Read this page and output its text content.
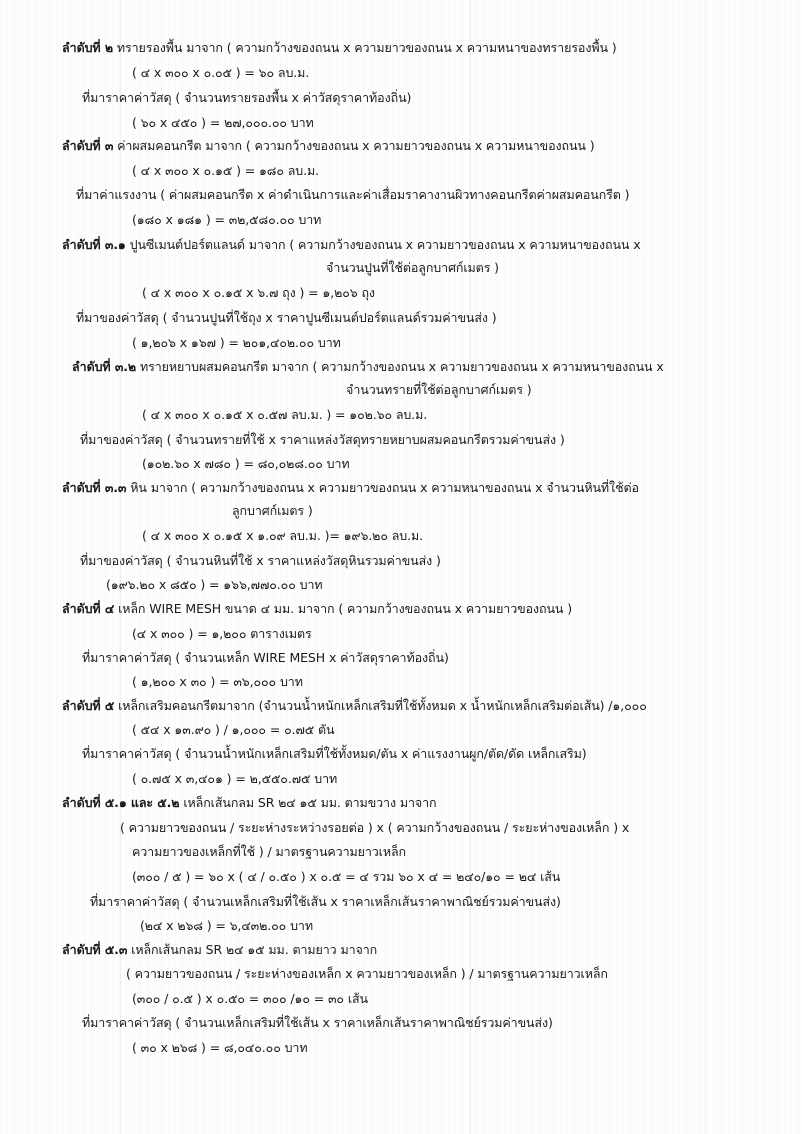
ลำดับที่ ๒ ทรายรองพื้น มาจาก ( ความกว้างของถนน x ความยาวของถนน x ความหนาของทรายรองพื้น )
( ๔ x ๓๐๐ x ๐.๐๕ ) = ๖๐ ลบ.ม.
ที่มาราคาค่าวัสดุ ( จำนวนทรายรองพื้น x ค่าวัสดุราคาท้องถิ่น)
( ๖๐ x ๔๕๐ ) = ๒๗,๐๐๐.๐๐ บาท
ลำดับที่ ๓ ค่าผสมคอนกรีต มาจาก ( ความกว้างของถนน x ความยาวของถนน x ความหนาของถนน )
( ๔ x ๓๐๐ x ๐.๑๕ ) = ๑๘๐ ลบ.ม.
ที่มาค่าแรงงาน ( ค่าผสมคอนกรีต x ค่าดำเนินการและค่าเสื่อมราคางานผิวทางคอนกรีตค่าผสมคอนกรีต )
(๑๘๐ x ๑๘๑ ) = ๓๒,๕๘๐.๐๐ บาท
ลำดับที่ ๓.๑ ปูนซีเมนต์ปอร์ตแลนด์ มาจาก ( ความกว้างของถนน x ความยาวของถนน x ความหนาของถนน x
จำนวนปูนที่ใช้ต่อลูกบาศก์เมตร )
( ๔ x ๓๐๐ x ๐.๑๕ x ๖.๗ ถุง ) = ๑,๒๐๖ ถุง
ที่มาของค่าวัสดุ ( จำนวนปูนที่ใช้ถุง x ราคาปูนซีเมนต์ปอร์ตแลนด์รวมค่าขนส่ง )
( ๑,๒๐๖ x ๑๖๗ ) = ๒๐๑,๔๐๒.๐๐ บาท
ลำดับที่ ๓.๒ ทรายหยาบผสมคอนกรีต มาจาก ( ความกว้างของถนน x ความยาวของถนน x ความหนาของถนน x
จำนวนทรายที่ใช้ต่อลูกบาศก์เมตร )
( ๔ x ๓๐๐ x ๐.๑๕ x ๐.๕๗ ลบ.ม. ) = ๑๐๒.๖๐ ลบ.ม.
ที่มาของค่าวัสดุ ( จำนวนทรายที่ใช้ x ราคาแหล่งวัสดุทรายหยาบผสมคอนกรีตรวมค่าขนส่ง )
(๑๐๒.๖๐ x ๗๘๐ ) = ๘๐,๐๒๘.๐๐ บาท
ลำดับที่ ๓.๓ หิน มาจาก ( ความกว้างของถนน x ความยาวของถนน x ความหนาของถนน x จำนวนหินที่ใช้ต่อ
ลูกบาศก์เมตร )
( ๔ x ๓๐๐ x ๐.๑๕ x ๑.๐๙ ลบ.ม. )= ๑๙๖.๒๐ ลบ.ม.
ที่มาของค่าวัสดุ ( จำนวนหินที่ใช้ x ราคาแหล่งวัสดุหินรวมค่าขนส่ง )
(๑๙๖.๒๐ x ๘๕๐ ) = ๑๖๖,๗๗๐.๐๐ บาท
ลำดับที่ ๔ เหล็ก WIRE MESH ขนาด ๔ มม. มาจาก ( ความกว้างของถนน x ความยาวของถนน )
(๔ x ๓๐๐ ) = ๑,๒๐๐ ตารางเมตร
ที่มาราคาค่าวัสดุ ( จำนวนเหล็ก WIRE MESH x ค่าวัสดุราคาท้องถิ่น)
( ๑,๒๐๐ x ๓๐ ) = ๓๖,๐๐๐ บาท
ลำดับที่ ๕ เหล็กเสริมคอนกรีตมาจาก (จำนวนน้ำหนักเหล็กเสริมที่ใช้ทั้งหมด x น้ำหนักเหล็กเสริมต่อเส้น) /๑,๐๐๐
( ๕๔ x ๑๓.๙๐ ) / ๑,๐๐๐ = ๐.๗๕ ตัน
ที่มาราคาค่าวัสดุ ( จำนวนน้ำหนักเหล็กเสริมที่ใช้ทั้งหมด/ตัน x ค่าแรงงานผูก/ตัด/ดัด เหล็กเสริม)
( ๐.๗๕ x ๓,๔๐๑ ) = ๒,๕๕๐.๗๕ บาท
ลำดับที่ ๕.๑ และ ๕.๒ เหล็กเส้นกลม SR ๒๔ ๑๕ มม. ตามขวาง มาจาก
( ความยาวของถนน / ระยะห่างระหว่างรอยต่อ ) x ( ความกว้างของถนน / ระยะห่างของเหล็ก ) x
ความยาวของเหล็กที่ใช้ ) / มาตรฐานความยาวเหล็ก
(๓๐๐ / ๕ ) = ๖๐ x ( ๔ / ๐.๕๐ ) x ๐.๕ = ๔ รวม ๖๐ x ๔ = ๒๔๐/๑๐ = ๒๔ เส้น
ที่มาราคาค่าวัสดุ ( จำนวนเหล็กเสริมที่ใช้เส้น x ราคาเหล็กเส้นราคาพาณิชย์รวมค่าขนส่ง)
(๒๔ x ๒๖๘ ) = ๖,๔๓๒.๐๐ บาท
ลำดับที่ ๕.๓ เหล็กเส้นกลม SR ๒๔ ๑๕ มม. ตามยาว มาจาก
( ความยาวของถนน / ระยะห่างของเหล็ก x ความยาวของเหล็ก ) / มาตรฐานความยาวเหล็ก
(๓๐๐ / ๐.๕ ) x ๐.๕๐ = ๓๐๐ /๑๐ = ๓๐ เส้น
ที่มาราคาค่าวัสดุ ( จำนวนเหล็กเสริมที่ใช้เส้น x ราคาเหล็กเส้นราคาพาณิชย์รวมค่าขนส่ง)
( ๓๐ x ๒๖๘ ) = ๘,๐๔๐.๐๐ บาท
